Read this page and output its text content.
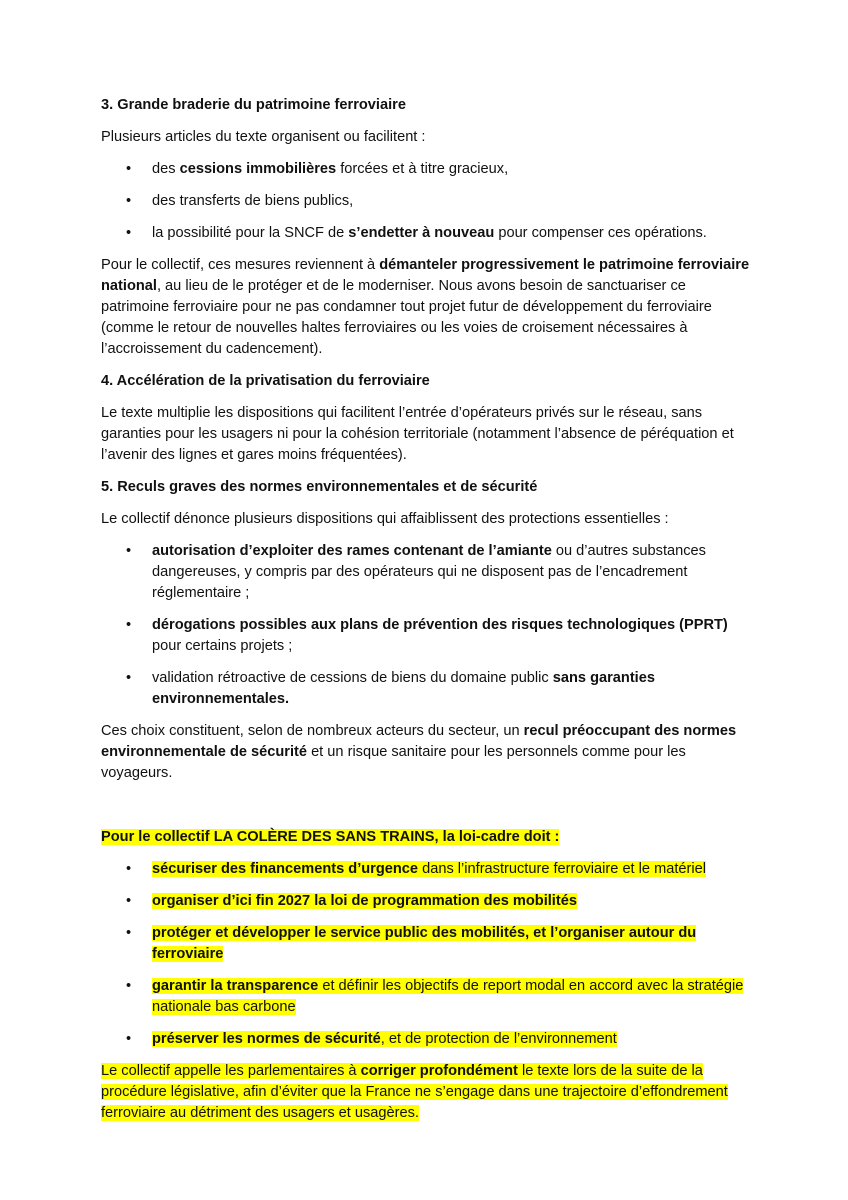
3. Grande braderie du patrimoine ferroviaire

Plusieurs articles du texte organisent ou facilitent :

• des cessions immobilières forcées et à titre gracieux,
• des transferts de biens publics,
• la possibilité pour la SNCF de s’endetter à nouveau pour compenser ces opérations.

Pour le collectif, ces mesures reviennent à démanteler progressivement le patrimoine ferroviaire national, au lieu de le protéger et de le moderniser. Nous avons besoin de sanctuariser ce patrimoine ferroviaire pour ne pas condamner tout projet futur de développement du ferroviaire (comme le retour de nouvelles haltes ferroviaires ou les voies de croisement nécessaires à l’accroissement du cadencement).

4. Accélération de la privatisation du ferroviaire

Le texte multiplie les dispositions qui facilitent l’entrée d’opérateurs privés sur le réseau, sans garanties pour les usagers ni pour la cohésion territoriale (notamment l’absence de péréquation et l’avenir des lignes et gares moins fréquentées).

5. Reculs graves des normes environnementales et de sécurité

Le collectif dénonce plusieurs dispositions qui affaiblissent des protections essentielles :

• autorisation d’exploiter des rames contenant de l’amiante ou d’autres substances dangereuses, y compris par des opérateurs qui ne disposent pas de l’encadrement réglementaire ;
• dérogations possibles aux plans de prévention des risques technologiques (PPRT) pour certains projets ;
• validation rétroactive de cessions de biens du domaine public sans garanties environnementales.

Ces choix constituent, selon de nombreux acteurs du secteur, un recul préoccupant des normes environnementale de sécurité et un risque sanitaire pour les personnels comme pour les voyageurs.

Pour le collectif LA COLÈRE DES SANS TRAINS, la loi-cadre doit :

• sécuriser des financements d’urgence dans l’infrastructure ferroviaire et le matériel
• organiser d’ici fin 2027 la loi de programmation des mobilités
• protéger et développer le service public des mobilités, et l’organiser autour du ferroviaire
• garantir la transparence et définir les objectifs de report modal en accord avec la stratégie nationale bas carbone
• préserver les normes de sécurité, et de protection de l’environnement

Le collectif appelle les parlementaires à corriger profondément le texte lors de la suite de la procédure législative, afin d’éviter que la France ne s’engage dans une trajectoire d’effondrement ferroviaire au détriment des usagers et usagères.
